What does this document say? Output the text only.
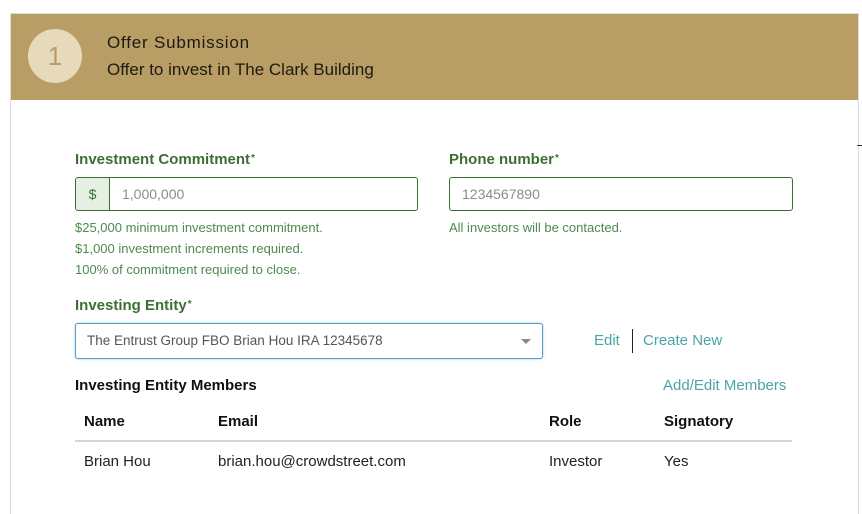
1	Offer Submission
Offer to invest in The Clark Building
Investment Commitment*
$
1,000,000
$25,000 minimum investment commitment.
$1,000 investment increments required.
100% of commitment required to close.
Phone number*
1234567890
All investors will be contacted.
Investing Entity*
The Entrust Group FBO Brian Hou IRA 12345678	Edit Create New
Investing Entity Members	Add/Edit Members
Name	Email	Role	Signatory
Brian Hou	brian.hou@crowdstreet.com	Investor	Yes
